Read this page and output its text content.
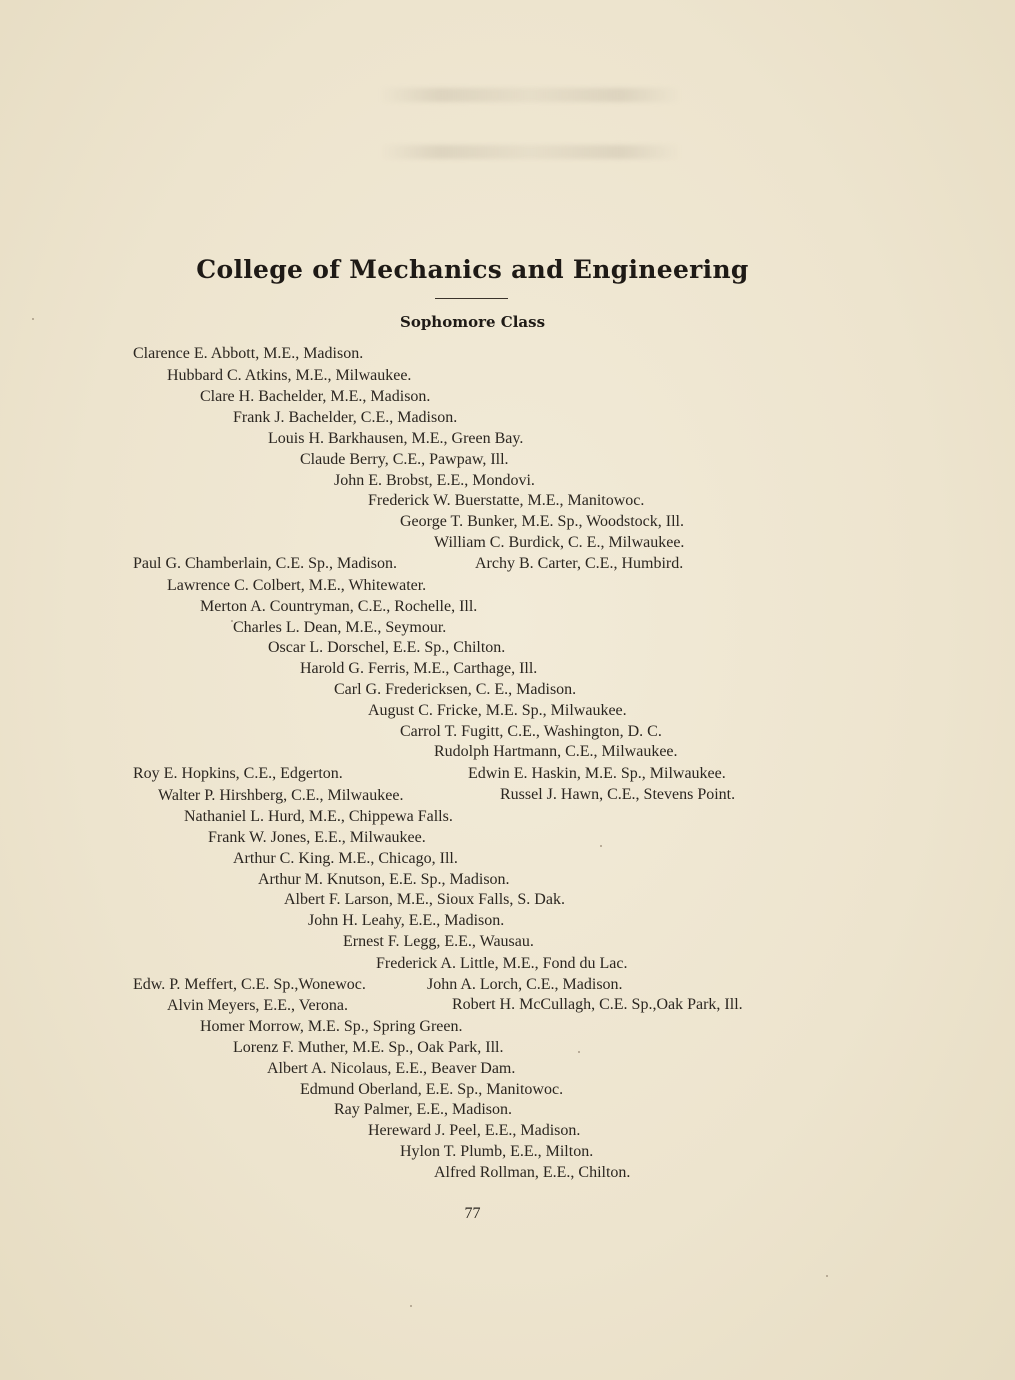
College of Mechanics and Engineering
Sophomore Class
Clarence E. Abbott, M.E., Madison.
Hubbard C. Atkins, M.E., Milwaukee.
Clare H. Bachelder, M.E., Madison.
Frank J. Bachelder, C.E., Madison.
Louis H. Barkhausen, M.E., Green Bay.
Claude Berry, C.E., Pawpaw, Ill.
John E. Brobst, E.E., Mondovi.
Frederick W. Buerstatte, M.E., Manitowoc.
George T. Bunker, M.E. Sp., Woodstock, Ill.
William C. Burdick, C. E., Milwaukee.
Paul G. Chamberlain, C.E. Sp., Madison.	Archy B. Carter, C.E., Humbird.
Lawrence C. Colbert, M.E., Whitewater.
Merton A. Countryman, C.E., Rochelle, Ill.
Charles L. Dean, M.E., Seymour.
Oscar L. Dorschel, E.E. Sp., Chilton.
Harold G. Ferris, M.E., Carthage, Ill.
Carl G. Fredericksen, C. E., Madison.
August C. Fricke, M.E. Sp., Milwaukee.
Carrol T. Fugitt, C.E., Washington, D. C.
Rudolph Hartmann, C.E., Milwaukee.
Roy E. Hopkins, C.E., Edgerton.	Edwin E. Haskin, M.E. Sp., Milwaukee.
Walter P. Hirshberg, C.E., Milwaukee.	Russel J. Hawn, C.E., Stevens Point.
Nathaniel L. Hurd, M.E., Chippewa Falls.
Frank W. Jones, E.E., Milwaukee.
Arthur C. King. M.E., Chicago, Ill.
Arthur M. Knutson, E.E. Sp., Madison.
Albert F. Larson, M.E., Sioux Falls, S. Dak.
John H. Leahy, E.E., Madison.
Ernest F. Legg, E.E., Wausau.
Frederick A. Little, M.E., Fond du Lac.
Edw. P. Meffert, C.E. Sp.,Wonewoc.	John A. Lorch, C.E., Madison.
Alvin Meyers, E.E., Verona.	Robert H. McCullagh, C.E. Sp.,Oak Park, Ill.
Homer Morrow, M.E. Sp., Spring Green.
Lorenz F. Muther, M.E. Sp., Oak Park, Ill.
Albert A. Nicolaus, E.E., Beaver Dam.
Edmund Oberland, E.E. Sp., Manitowoc.
Ray Palmer, E.E., Madison.
Hereward J. Peel, E.E., Madison.
Hylon T. Plumb, E.E., Milton.
Alfred Rollman, E.E., Chilton.
77
